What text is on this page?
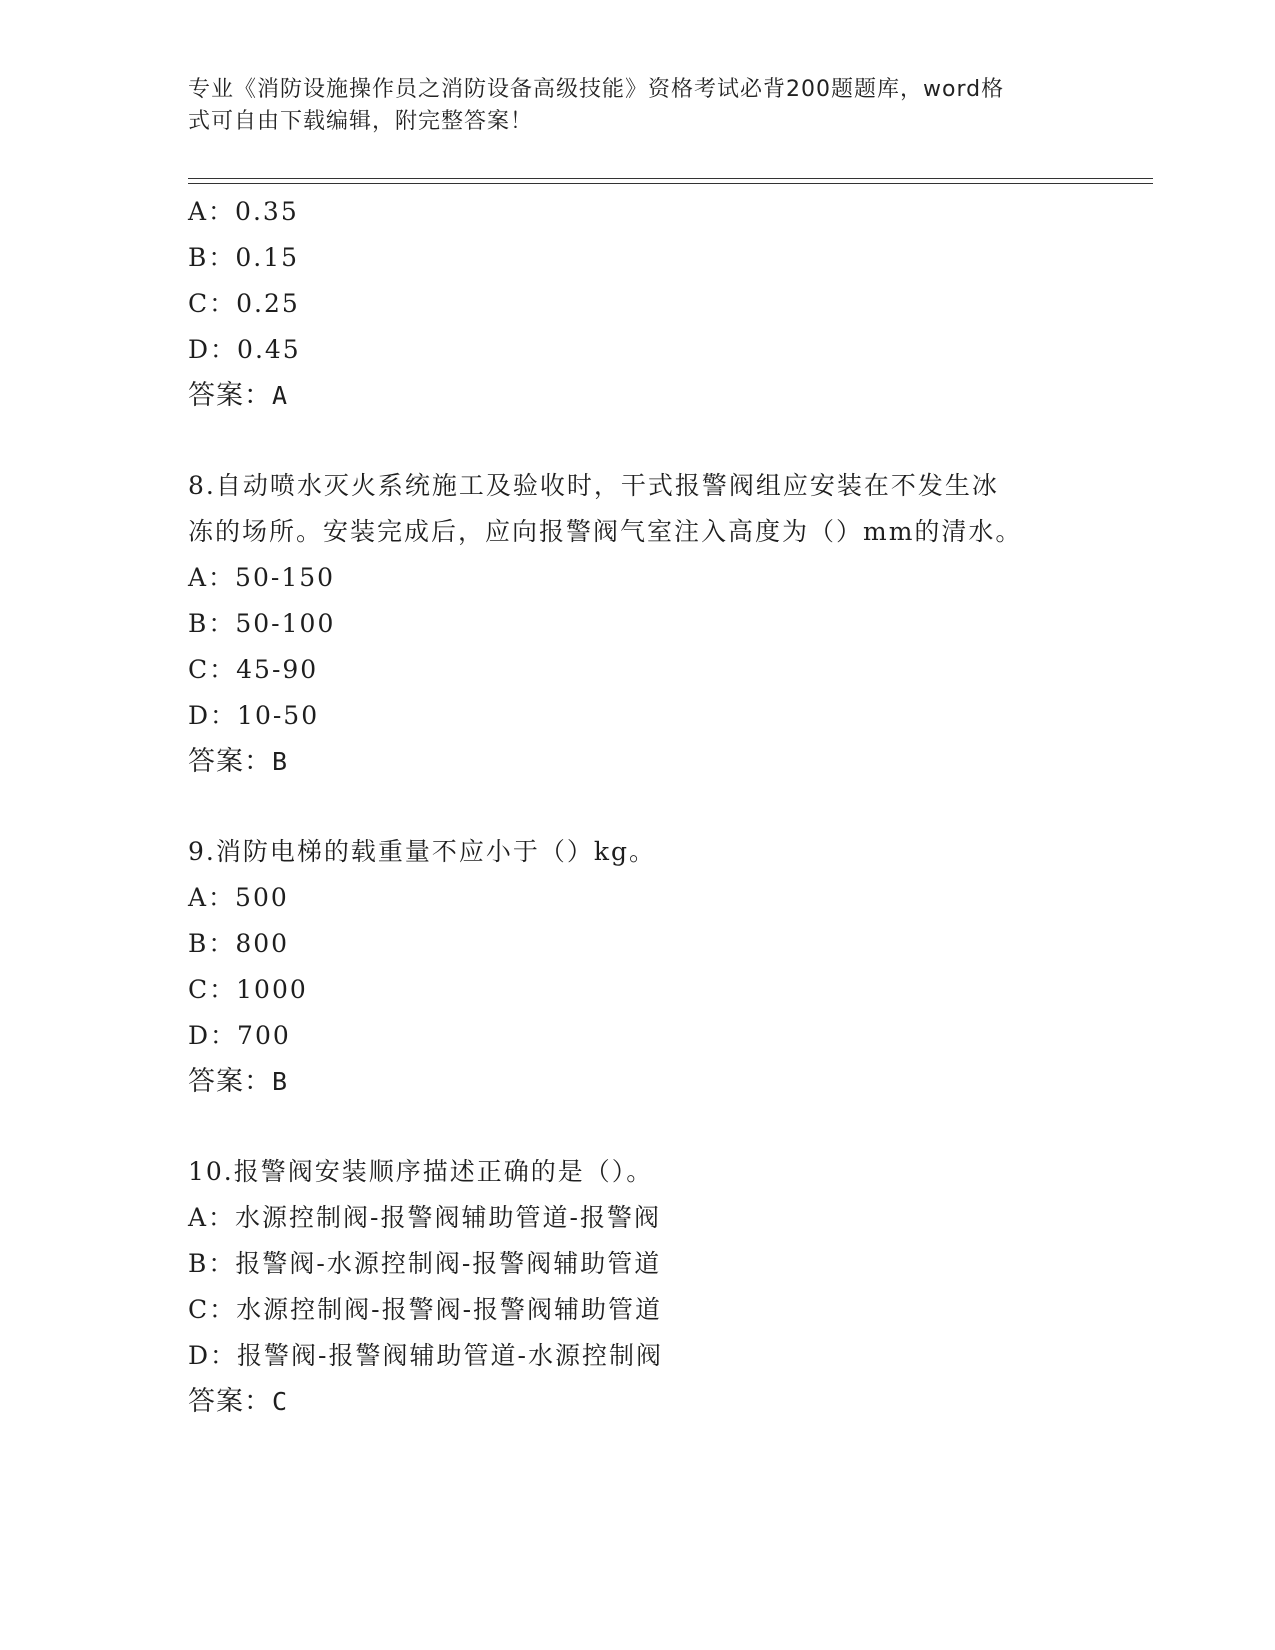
专业《消防设施操作员之消防设备高级技能》资格考试必背200题题库，word格
式可自由下载编辑，附完整答案！
A：0.35
B：0.15
C：0.25
D：0.45
答案：A
8.自动喷水灭火系统施工及验收时，干式报警阀组应安装在不发生冰
冻的场所。安装完成后，应向报警阀气室注入高度为（）mm的清水。
A：50-150
B：50-100
C：45-90
D：10-50
答案：B
9.消防电梯的载重量不应小于（）kg。
A：500
B：800
C：1000
D：700
答案：B
10.报警阀安装顺序描述正确的是（）。
A：水源控制阀-报警阀辅助管道-报警阀
B：报警阀-水源控制阀-报警阀辅助管道
C：水源控制阀-报警阀-报警阀辅助管道
D：报警阀-报警阀辅助管道-水源控制阀
答案：C
